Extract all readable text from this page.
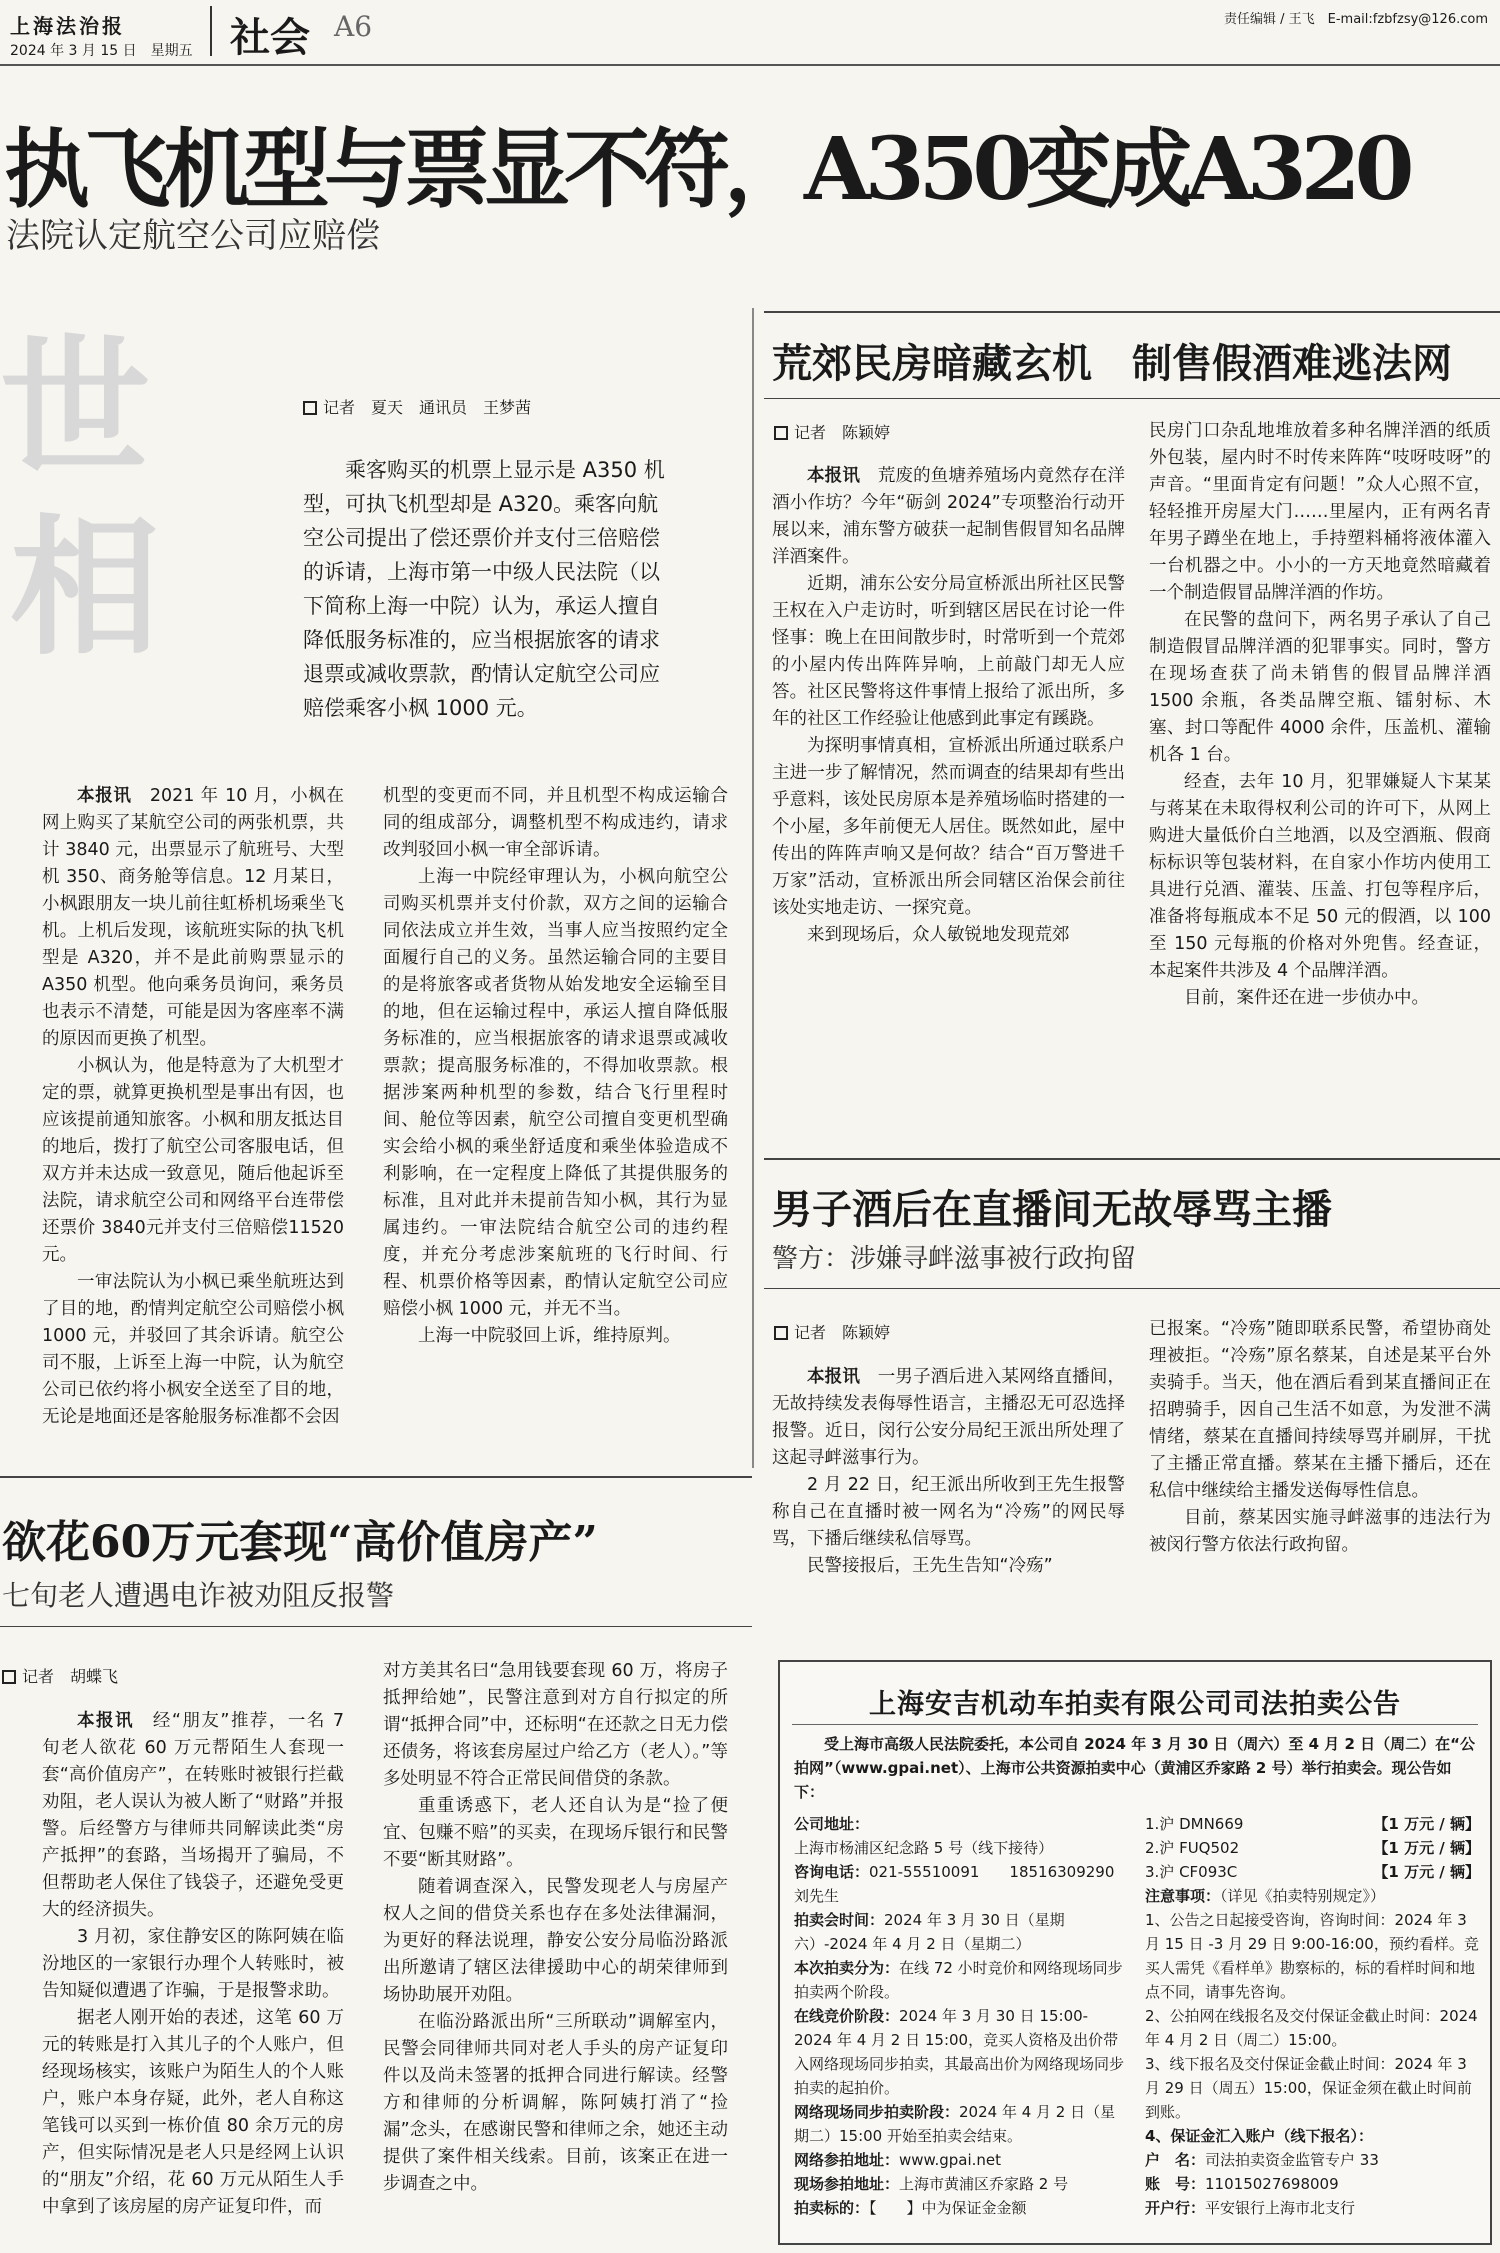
上海法治报
2024 年 3 月 15 日　星期五 社会 A6	责任编辑 / 王飞　E-mail:fzbfzsy@126.com
执飞机型与票显不符，A350变成A320
法院认定航空公司应赔偿
世
相
记者　夏天　通讯员　王梦茜

乘客购买的机票上显示是 A350 机型，可执飞机型却是 A320。乘客向航空公司提出了偿还票价并支付三倍赔偿的诉请，上海市第一中级人民法院（以下简称上海一中院）认为，承运人擅自降低服务标准的，应当根据旅客的请求退票或减收票款，酌情认定航空公司应赔偿乘客小枫 1000 元。

本报讯　 2021 年 10 月，小枫在网上购买了某航空公司的两张机票，共计 3840 元，出票显示了航班号、大型机 350、商务舱等信息。12 月某日，小枫跟朋友一块儿前往虹桥机场乘坐飞机。上机后发现，该航班实际的执飞机型是 A320，并不是此前购票显示的 A350 机型。他向乘务员询问，乘务员也表示不清楚，可能是因为客座率不满的原因而更换了机型。

小枫认为，他是特意为了大机型才定的票，就算更换机型是事出有因，也应该提前通知旅客。小枫和朋友抵达目的地后，拨打了航空公司客服电话，但双方并未达成一致意见，随后他起诉至法院，请求航空公司和网络平台连带偿还票价 3840元并支付三倍赔偿11520元。

一审法院认为小枫已乘坐航班达到了目的地，酌情判定航空公司赔偿小枫 1000 元，并驳回了其余诉请。航空公司不服，上诉至上海一中院，认为航空公司已依约将小枫安全送至了目的地，无论是地面还是客舱服务标准都不会因

机型的变更而不同，并且机型不构成运输合同的组成部分，调整机型不构成违约，请求改判驳回小枫一审全部诉请。

上海一中院经审理认为，小枫向航空公司购买机票并支付价款，双方之间的运输合同依法成立并生效，当事人应当按照约定全面履行自己的义务。虽然运输合同的主要目的是将旅客或者货物从始发地安全运输至目的地，但在运输过程中，承运人擅自降低服务标准的，应当根据旅客的请求退票或减收票款；提高服务标准的，不得加收票款。根据涉案两种机型的参数，结合飞行里程时间、舱位等因素，航空公司擅自变更机型确实会给小枫的乘坐舒适度和乘坐体验造成不利影响，在一定程度上降低了其提供服务的标准，且对此并未提前告知小枫，其行为显属违约。一审法院结合航空公司的违约程度，并充分考虑涉案航班的飞行时间、行程、机票价格等因素，酌情认定航空公司应赔偿小枫 1000 元，并无不当。

上海一中院驳回上诉，维持原判。

荒郊民房暗藏玄机　制售假酒难逃法网
记者　陈颖婷

本报讯　 荒废的鱼塘养殖场内竟然存在洋酒小作坊？今年“砺剑 2024”专项整治行动开展以来，浦东警方破获一起制售假冒知名品牌洋酒案件。

近期，浦东公安分局宣桥派出所社区民警王权在入户走访时，听到辖区居民在讨论一件怪事：晚上在田间散步时，时常听到一个荒郊的小屋内传出阵阵异响，上前敲门却无人应答。社区民警将这件事情上报给了派出所，多年的社区工作经验让他感到此事定有蹊跷。

为探明事情真相，宣桥派出所通过联系户主进一步了解情况，然而调查的结果却有些出乎意料，该处民房原本是养殖场临时搭建的一个小屋，多年前便无人居住。既然如此，屋中传出的阵阵声响又是何故？结合“百万警进千万家”活动，宣桥派出所会同辖区治保会前往该处实地走访、一探究竟。

来到现场后，众人敏锐地发现荒郊

民房门口杂乱地堆放着多种名牌洋酒的纸质外包装，屋内时不时传来阵阵“吱呀吱呀”的声音。“里面肯定有问题！”众人心照不宣，轻轻推开房屋大门……里屋内，正有两名青年男子蹲坐在地上，手持塑料桶将液体灌入一台机器之中。小小的一方天地竟然暗藏着一个制造假冒品牌洋酒的作坊。

在民警的盘问下，两名男子承认了自己制造假冒品牌洋酒的犯罪事实。同时，警方在现场查获了尚未销售的假冒品牌洋酒 1500 余瓶，各类品牌空瓶、镭射标、木塞、封口等配件 4000 余件，压盖机、灌输机各 1 台。

经查，去年 10 月，犯罪嫌疑人卞某某与蒋某在未取得权利公司的许可下，从网上购进大量低价白兰地酒，以及空酒瓶、假商标标识等包装材料，在自家小作坊内使用工具进行兑酒、灌装、压盖、打包等程序后，准备将每瓶成本不足 50 元的假酒，以 100 至 150 元每瓶的价格对外兜售。经查证，本起案件共涉及 4 个品牌洋酒。

目前，案件还在进一步侦办中。

男子酒后在直播间无故辱骂主播
警方：涉嫌寻衅滋事被行政拘留
记者　陈颖婷

本报讯　 一男子酒后进入某网络直播间，无故持续发表侮辱性语言，主播忍无可忍选择报警。近日，闵行公安分局纪王派出所处理了这起寻衅滋事行为。

2 月 22 日，纪王派出所收到王先生报警称自己在直播时被一网名为“冷殇”的网民辱骂，下播后继续私信辱骂。

民警接报后，王先生告知“冷殇”

已报案。“冷殇”随即联系民警，希望协商处理被拒。“冷殇”原名蔡某，自述是某平台外卖骑手。当天，他在酒后看到某直播间正在招聘骑手，因自己生活不如意，为发泄不满情绪，蔡某在直播间持续辱骂并刷屏，干扰了主播正常直播。蔡某在主播下播后，还在私信中继续给主播发送侮辱性信息。

目前，蔡某因实施寻衅滋事的违法行为被闵行警方依法行政拘留。

欲花60万元套现“高价值房产”
七旬老人遭遇电诈被劝阻反报警
记者　胡蝶飞

本报讯　 经“朋友”推荐，一名 7 旬老人欲花 60 万元帮陌生人套现一套“高价值房产”，在转账时被银行拦截劝阻，老人误认为被人断了“财路”并报警。后经警方与律师共同解读此类“房产抵押”的套路，当场揭开了骗局，不但帮助老人保住了钱袋子，还避免受更大的经济损失。

3 月初，家住静安区的陈阿姨在临汾地区的一家银行办理个人转账时，被告知疑似遭遇了诈骗，于是报警求助。

据老人刚开始的表述，这笔 60 万元的转账是打入其儿子的个人账户，但经现场核实，该账户为陌生人的个人账户，账户本身存疑，此外，老人自称这笔钱可以买到一栋价值 80 余万元的房产，但实际情况是老人只是经网上认识的“朋友”介绍，花 60 万元从陌生人手中拿到了该房屋的房产证复印件，而

对方美其名曰“急用钱要套现 60 万，将房子抵押给她”，民警注意到对方自行拟定的所谓“抵押合同”中，还标明“在还款之日无力偿还债务，将该套房屋过户给乙方（老人）。”等多处明显不符合正常民间借贷的条款。

重重诱惑下，老人还自认为是“捡了便宜、包赚不赔”的买卖，在现场斥银行和民警不要“断其财路”。

随着调查深入，民警发现老人与房屋产权人之间的借贷关系也存在多处法律漏洞，为更好的释法说理，静安公安分局临汾路派出所邀请了辖区法律援助中心的胡荣律师到场协助展开劝阻。

在临汾路派出所“三所联动”调解室内，民警会同律师共同对老人手头的房产证复印件以及尚未签署的抵押合同进行解读。经警方和律师的分析调解，陈阿姨打消了“捡漏”念头，在感谢民警和律师之余，她还主动提供了案件相关线索。目前，该案正在进一步调查之中。

上海安吉机动车拍卖有限公司司法拍卖公告
受上海市高级人民法院委托，本公司自 2024 年 3 月 30 日（周六）至 4 月 2 日（周二）在“公拍网”（www.gpai.net）、上海市公共资源拍卖中心（黄浦区乔家路 2 号）举行拍卖会。现公告如下：
公司地址：上海市杨浦区纪念路 5 号（线下接待）
咨询电话：021-55510091　　18516309290　刘先生
拍卖会时间：2024 年 3 月 30 日（星期六）-2024 年 4 月 2 日（星期二）
本次拍卖分为：在线 72 小时竞价和网络现场同步拍卖两个阶段。
在线竞价阶段：2024 年 3 月 30 日 15:00-2024 年 4 月 2 日 15:00，竞买人资格及出价带入网络现场同步拍卖，其最高出价为网络现场同步拍卖的起拍价。
网络现场同步拍卖阶段：2024 年 4 月 2 日（星期二）15:00 开始至拍卖会结束。
网络参拍地址：www.gpai.net
现场参拍地址：上海市黄浦区乔家路 2 号
拍卖标的：【　　】中为保证金金额
1.沪 DMN669	【1 万元 / 辆】
2.沪 FUQ502	【1 万元 / 辆】
3.沪 CF093C	【1 万元 / 辆】
注意事项：（详见《拍卖特别规定》）
1、公告之日起接受咨询，咨询时间：2024 年 3 月 15 日 -3 月 29 日 9:00-16:00，预约看样。竞买人需凭《看样单》勘察标的，标的看样时间和地点不同，请事先咨询。
2、公拍网在线报名及交付保证金截止时间：2024 年 4 月 2 日（周二）15:00。
3、线下报名及交付保证金截止时间：2024 年 3 月 29 日（周五）15:00，保证金须在截止时间前到账。
4、保证金汇入账户（线下报名）：
户　名：司法拍卖资金监管专户 33
账　号：11015027698009
开户行：平安银行上海市北支行
